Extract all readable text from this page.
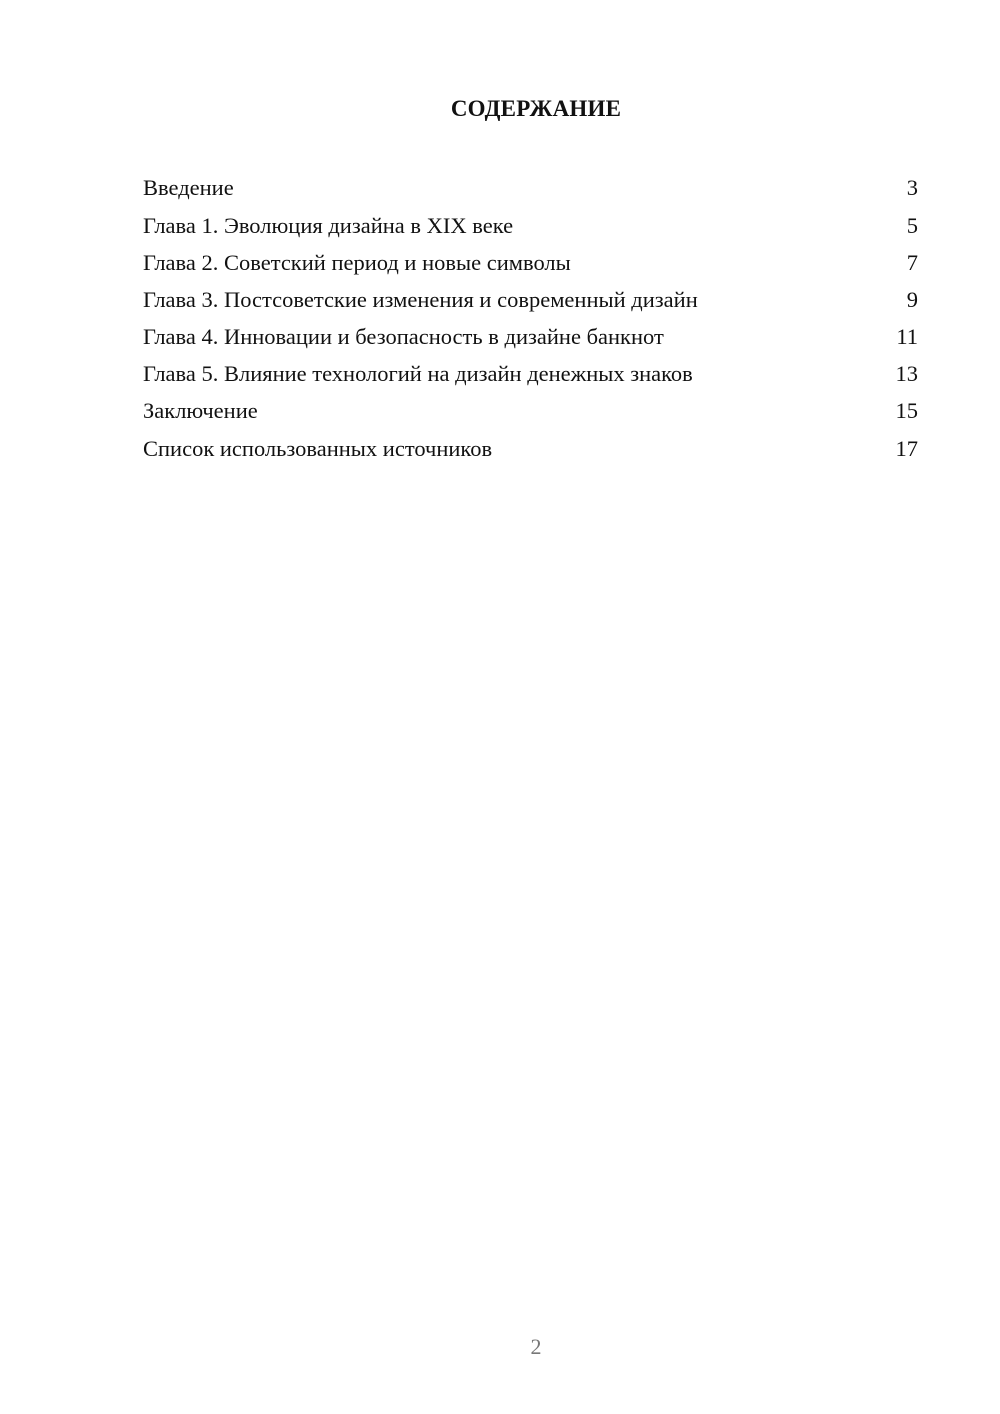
СОДЕРЖАНИЕ
Введение	3
Глава 1. Эволюция дизайна в XIX веке	5
Глава 2. Советский период и новые символы	7
Глава 3. Постсоветские изменения и современный дизайн	9
Глава 4. Инновации и безопасность в дизайне банкнот	11
Глава 5. Влияние технологий на дизайн денежных знаков	13
Заключение	15
Список использованных источников	17
2
